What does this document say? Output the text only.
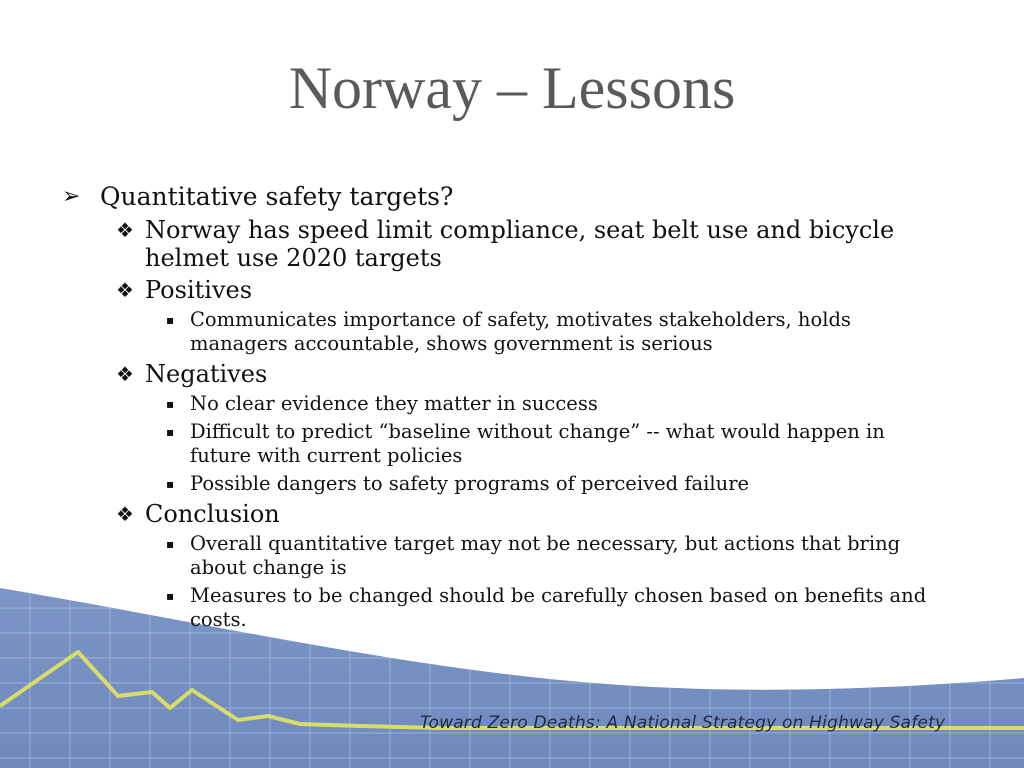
Norway – Lessons
➢ Quantitative safety targets?
❖ Norway has speed limit compliance, seat belt use and bicycle helmet use 2020 targets
❖ Positives
▪ Communicates importance of safety, motivates stakeholders, holds managers accountable, shows government is serious
❖ Negatives
▪ No clear evidence they matter in success
▪ Difficult to predict “baseline without change” -- what would happen in future with current policies
▪ Possible dangers to safety programs of perceived failure
❖ Conclusion
▪ Overall quantitative target may not be necessary, but actions that bring about change is
▪ Measures to be changed should be carefully chosen based on benefits and costs.
Toward Zero Deaths: A National Strategy on Highway Safety
